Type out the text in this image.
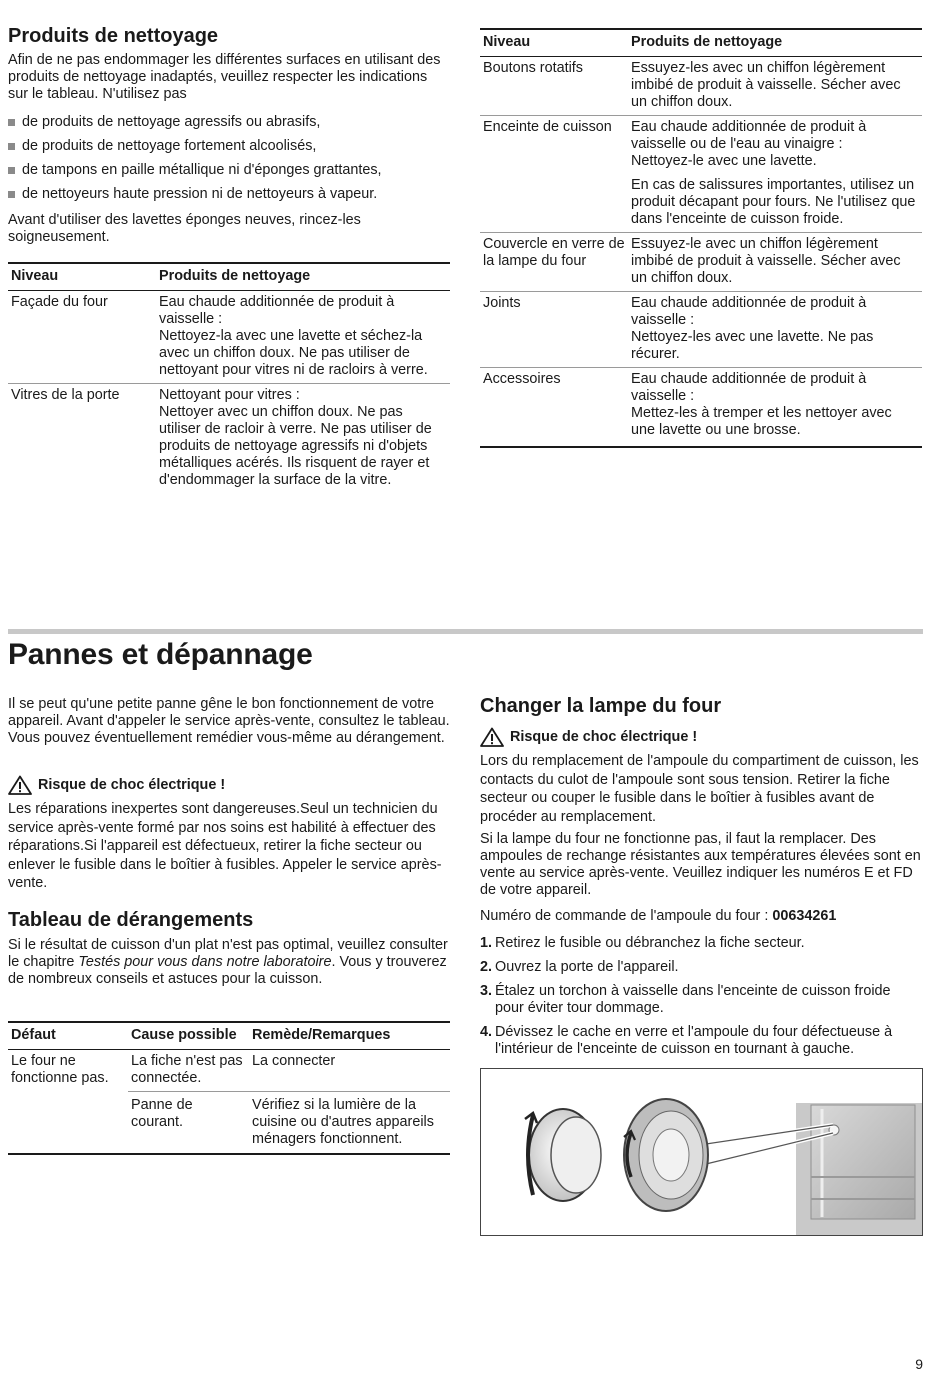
Produits de nettoyage

Afin de ne pas endommager les différentes surfaces en utilisant des produits de nettoyage inadaptés, veuillez respecter les indications sur le tableau. N'utilisez pas

de produits de nettoyage agressifs ou abrasifs,
de produits de nettoyage fortement alcoolisés,
de tampons en paille métallique ni d'éponges grattantes,
de nettoyeurs haute pression ni de nettoyeurs à vapeur.

Avant d'utiliser des lavettes éponges neuves, rincez-les soigneusement.

Niveau	Produits de nettoyage
Façade du four	Eau chaude additionnée de produit à vaisselle :
Nettoyez-la avec une lavette et séchez-la avec un chiffon doux. Ne pas utiliser de nettoyant pour vitres ni de racloirs à verre.
Vitres de la porte	Nettoyant pour vitres :
Nettoyer avec un chiffon doux. Ne pas utiliser de racloir à verre. Ne pas utiliser de produits de nettoyage agressifs ni d'objets métalliques acérés. Ils risquent de rayer et d'endommager la surface de la vitre.
Niveau	Produits de nettoyage
Boutons rotatifs	Essuyez-les avec un chiffon légèrement imbibé de produit à vaisselle. Sécher avec un chiffon doux.
Enceinte de cuisson	Eau chaude additionnée de produit à vaisselle ou de l'eau au vinaigre :
Nettoyez-le avec une lavette.
En cas de salissures importantes, utilisez un produit décapant pour fours. Ne l'utilisez que dans l'enceinte de cuisson froide.

Couvercle en verre de la lampe du four	Essuyez-le avec un chiffon légèrement imbibé de produit à vaisselle. Sécher avec un chiffon doux.
Joints	Eau chaude additionnée de produit à vaisselle :
Nettoyez-les avec une lavette. Ne pas récurer.
Accessoires	Eau chaude additionnée de produit à vaisselle :
Mettez-les à tremper et les nettoyer avec une lavette ou une brosse.
Pannes et dépannage

Il se peut qu'une petite panne gêne le bon fonctionnement de votre appareil. Avant d'appeler le service après-vente, consultez le tableau. Vous pouvez éventuellement remédier vous-même au dérangement.

Risque de choc électrique !

Les réparations inexpertes sont dangereuses.Seul un technicien du service après-vente formé par nos soins est habilité à effectuer des réparations.Si l'appareil est défectueux, retirer la fiche secteur ou enlever le fusible dans le boîtier à fusibles. Appeler le service après-vente.

Tableau de dérangements

Si le résultat de cuisson d'un plat n'est pas optimal, veuillez consulter le chapitre Testés pour vous dans notre laboratoire. Vous y trouverez de nombreux conseils et astuces pour la cuisson.

Défaut	Cause possible	Remède/Remarques
Le four ne fonctionne pas.	La fiche n'est pas connectée.	La connecter
	Panne de courant.	Vérifiez si la lumière de la cuisine ou d'autres appareils ménagers fonctionnent.
Changer la lampe du four
Risque de choc électrique !

Lors du remplacement de l'ampoule du compartiment de cuisson, les contacts du culot de l'ampoule sont sous tension. Retirer la fiche secteur ou couper le fusible dans le boîtier à fusibles avant de procéder au remplacement.

Si la lampe du four ne fonctionne pas, il faut la remplacer. Des ampoules de rechange résistantes aux températures élevées sont en vente au service après-vente. Veuillez indiquer les numéros E et FD de votre appareil.

Numéro de commande de l'ampoule du four : 00634261

1. Retirez le fusible ou débranchez la fiche secteur.
2. Ouvrez la porte de l'appareil.
3. Étalez un torchon à vaisselle dans l'enceinte de cuisson froide pour éviter tour dommage.
4. Dévissez le cache en verre et l'ampoule du four défectueuse à l'intérieur de l'enceinte de cuisson en tournant à gauche.
9
